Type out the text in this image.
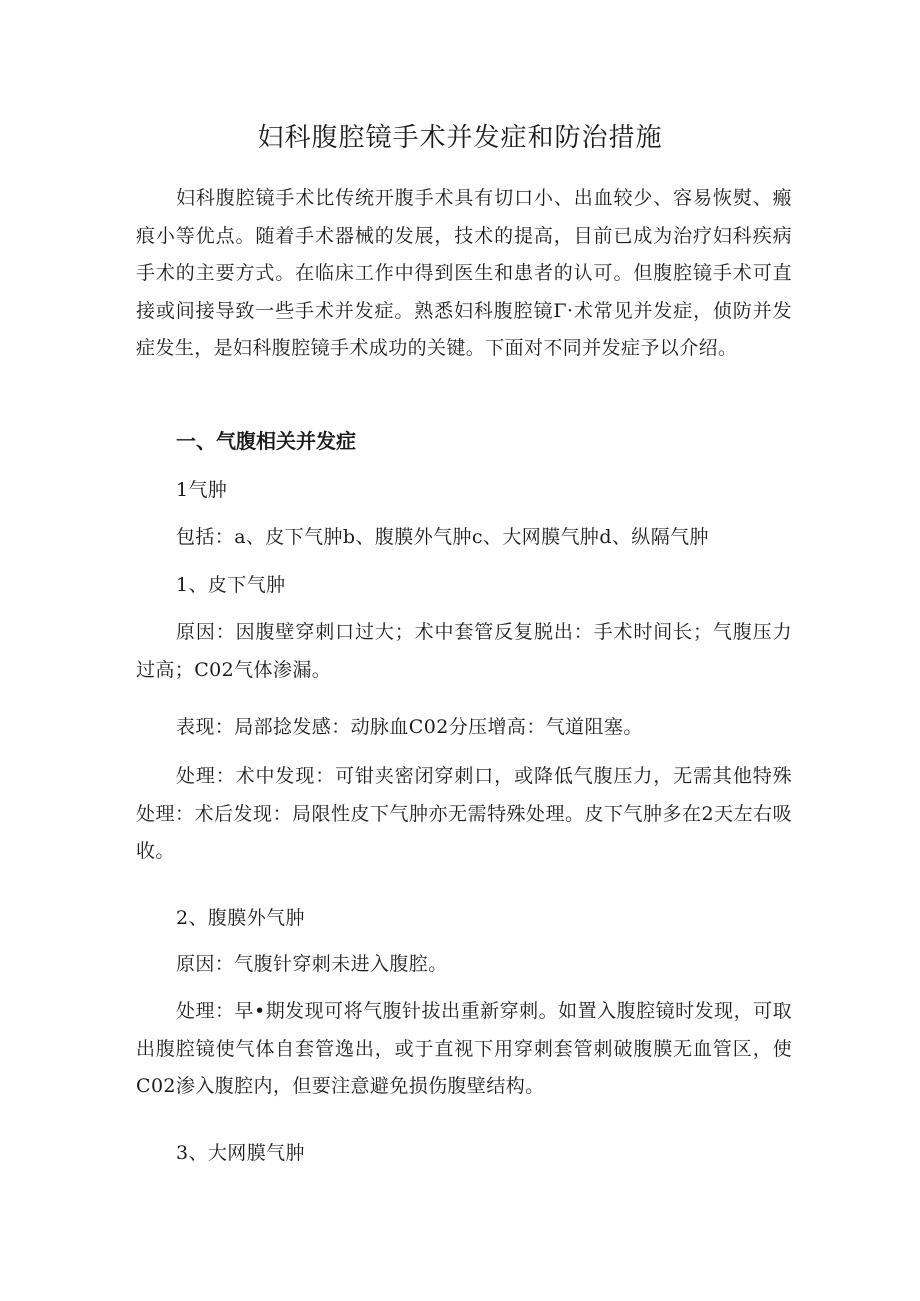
妇科腹腔镜手术并发症和防治措施

妇科腹腔镜手术比传统开腹手术具有切口小、出血较少、容易恢熨、瘢痕小等优点。随着手术器械的发展，技术的提高，目前已成为治疗妇科疾病手术的主要方式。在临床工作中得到医生和患者的认可。但腹腔镜手术可直接或间接导致一些手术并发症。熟悉妇科腹腔镜Γ·术常见并发症，侦防并发症发生，是妇科腹腔镜手术成功的关键。下面对不同并发症予以介绍。

一、气腹相关并发症
1气肿
包括：a、皮下气肿b、腹膜外气肿c、大网膜气肿d、纵隔气肿
1、皮下气肿

原因：因腹壁穿刺口过大；术中套管反复脱出：手术时间长；气腹压力过高；C02气体渗漏。

表现：局部捻发感：动脉血C02分压增高：气道阻塞。

处理：术中发现：可钳夹密闭穿刺口，或降低气腹压力，无需其他特殊处理：术后发现：局限性皮下气肿亦无需特殊处理。皮下气肿多在2天左右吸收。

2、腹膜外气肿

原因：气腹针穿刺未进入腹腔。

处理：早•期发现可将气腹针拔出重新穿刺。如置入腹腔镜时发现，可取出腹腔镜使气体自套管逸出，或于直视下用穿刺套管刺破腹膜无血管区，使C02渗入腹腔内，但要注意避免损伤腹壁结构。

3、大网膜气肿
